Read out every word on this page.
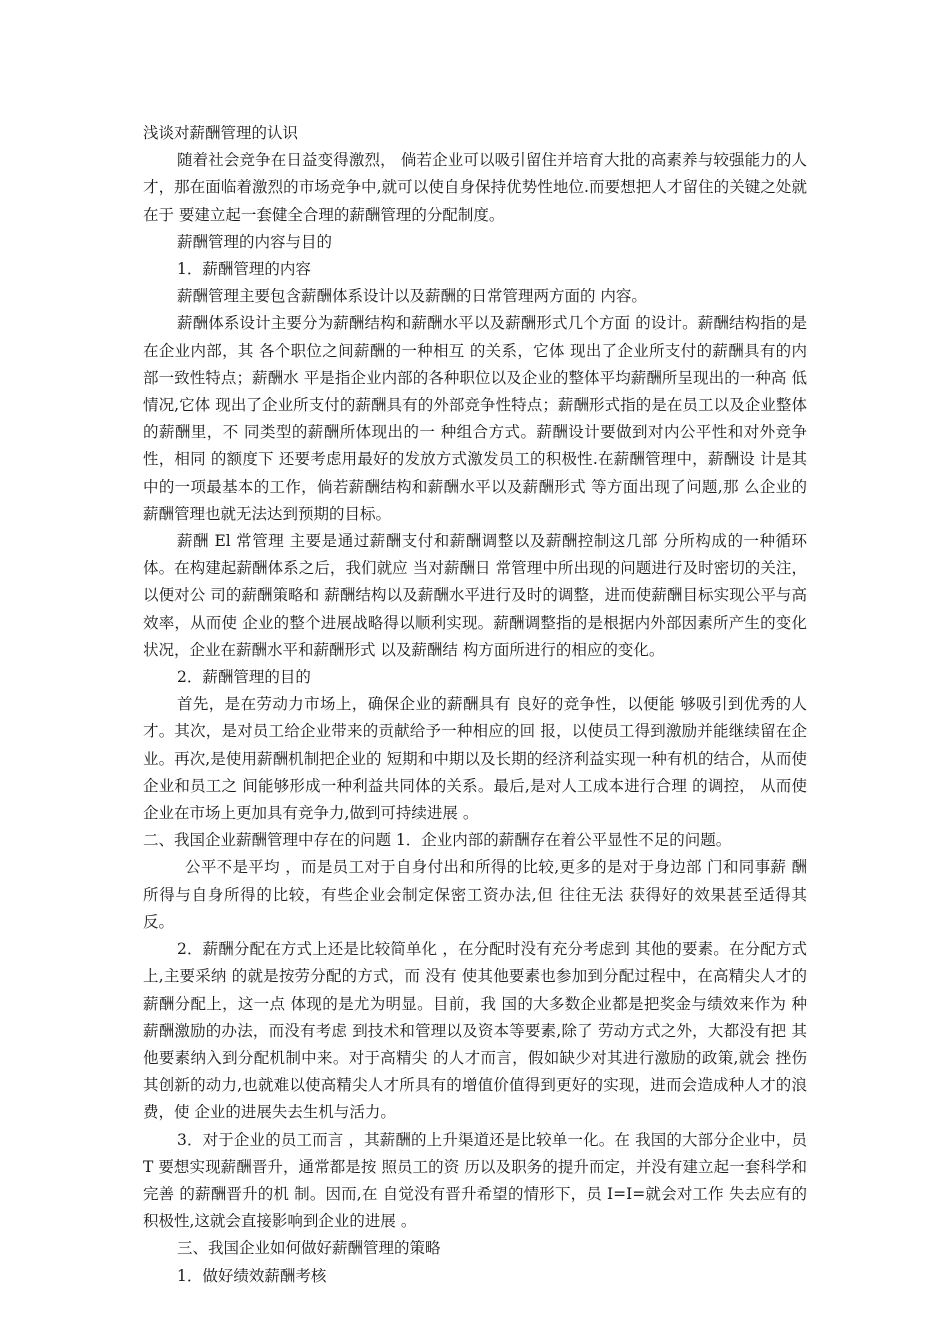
浅谈对薪酬管理的认识

随着社会竞争在日益变得激烈， 倘若企业可以吸引留住并培育大批的高素养与较强能力的人才，那在面临着激烈的市场竞争中,就可以使自身保持优势性地位.而要想把人才留住的关键之处就在于 要建立起一套健全合理的薪酬管理的分配制度。

薪酬管理的内容与目的

1．薪酬管理的内容

薪酬管理主要包含薪酬体系设计以及薪酬的日常管理两方面的 内容。

薪酬体系设计主要分为薪酬结构和薪酬水平以及薪酬形式几个方面 的设计。薪酬结构指的是在企业内部，其 各个职位之间薪酬的一种相互 的关系，它体 现出了企业所支付的薪酬具有的内部一致性特点；薪酬水 平是指企业内部的各种职位以及企业的整体平均薪酬所呈现出的一种高 低情况,它体 现出了企业所支付的薪酬具有的外部竞争性特点；薪酬形式指的是在员工以及企业整体的薪酬里，不 同类型的薪酬所体现出的一 种组合方式。薪酬设计要做到对内公平性和对外竞争性，相同 的额度下 还要考虑用最好的发放方式激发员工的积极性.在薪酬管理中，薪酬设 计是其中的一项最基本的工作，倘若薪酬结构和薪酬水平以及薪酬形式 等方面出现了问题,那 么企业的薪酬管理也就无法达到预期的目标。

薪酬 El 常管理 主要是通过薪酬支付和薪酬调整以及薪酬控制这几部 分所构成的一种循环体。在构建起薪酬体系之后，我们就应 当对薪酬日 常管理中所出现的问题进行及时密切的关注，以便对公 司的薪酬策略和 薪酬结构以及薪酬水平进行及时的调整，进而使薪酬目标实现公平与高 效率，从而使 企业的整个进展战略得以顺利实现。薪酬调整指的是根据内外部因素所产生的变化状况，企业在薪酬水平和薪酬形式 以及薪酬结 构方面所进行的相应的变化。

2．薪酬管理的目的

首先，是在劳动力市场上，确保企业的薪酬具有 良好的竞争性，以便能 够吸引到优秀的人才。其次，是对员工给企业带来的贡献给予一种相应的回 报，以使员工得到激励并能继续留在企业。再次,是使用薪酬机制把企业的 短期和中期以及长期的经济利益实现一种有机的结合，从而使企业和员工之 间能够形成一种利益共同体的关系。最后,是对人工成本进行合理 的调控， 从而使企业在市场上更加具有竞争力,做到可持续进展 。

二、我国企业薪酬管理中存在的问题 1．企业内部的薪酬存在着公平显性不足的问题。

公平不是平均 ，而是员工对于自身付出和所得的比较,更多的是对于身边部 门和同事薪 酬所得与自身所得的比较，有些企业会制定保密工资办法,但 往往无法 获得好的效果甚至适得其反。

2．薪酬分配在方式上还是比较简单化 ，在分配时没有充分考虑到 其他的要素。在分配方式上,主要采纳 的就是按劳分配的方式，而 没有 使其他要素也参加到分配过程中，在高精尖人才的薪酬分配上，这一点 体现的是尤为明显。目前，我 国的大多数企业都是把奖金与绩效来作为 种薪酬激励的办法，而没有考虑 到技术和管理以及资本等要素,除了 劳动方式之外，大都没有把 其他要素纳入到分配机制中来。对于高精尖 的人才而言，假如缺少对其进行激励的政策,就会 挫伤其创新的动力,也就难以使高精尖人才所具有的增值价值得到更好的实现，进而会造成种人才的浪费，使 企业的进展失去生机与活力。

3．对于企业的员工而言 ，其薪酬的上升渠道还是比较单一化。在 我国的大部分企业中，员 T 要想实现薪酬晋升，通常都是按 照员工的资 历以及职务的提升而定，并没有建立起一套科学和完善 的薪酬晋升的机 制。因而,在 自觉没有晋升希望的情形下，员 I=I=就会对工作 失去应有的 积极性,这就会直接影响到企业的进展 。

三、我国企业如何做好薪酬管理的策略

1．做好绩效薪酬考核
